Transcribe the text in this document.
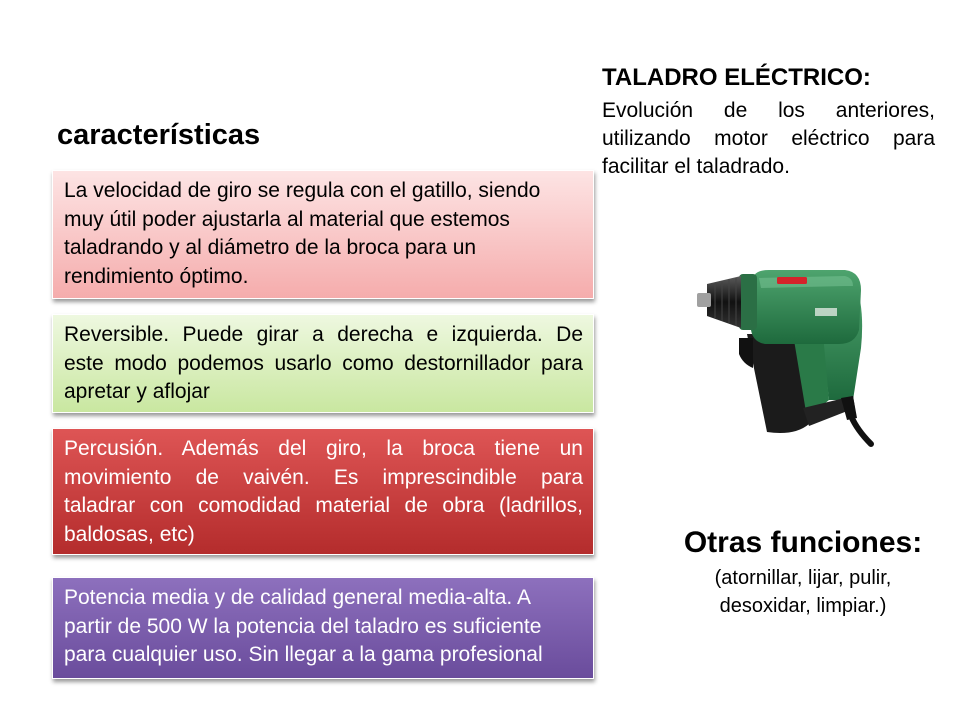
TALADRO ELÉCTRICO:
Evolución de los anteriores,
utilizando motor eléctrico para
facilitar el taladrado.
características
La velocidad de giro se regula con el gatillo, siendo
muy útil poder ajustarla al material que estemos
taladrando y al diámetro de la broca para un
rendimiento óptimo.
Reversible. Puede girar a derecha e izquierda. De
este modo podemos usarlo como destornillador para
apretar y aflojar
Percusión. Además del giro, la broca tiene un
movimiento de vaivén. Es imprescindible para
taladrar con comodidad material de obra (ladrillos,
baldosas, etc)
Potencia media y de calidad general media-alta. A
partir de 500 W la potencia del taladro es suficiente
para cualquier uso. Sin llegar a la gama profesional
Otras funciones:
(atornillar, lijar, pulir,
desoxidar, limpiar.)
